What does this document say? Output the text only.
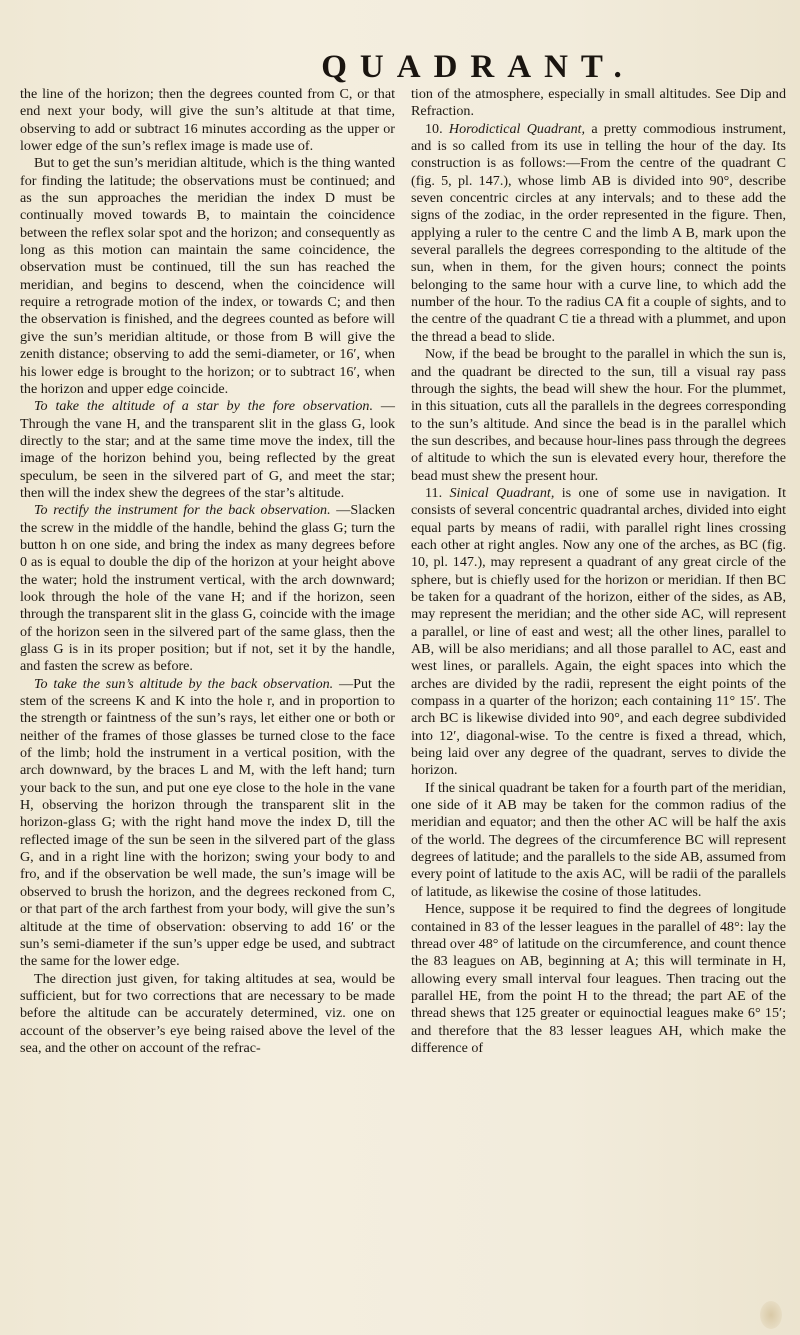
QUADRANT.

the line of the horizon; then the degrees counted from C, or that end next your body, will give the sun’s altitude at that time, observing to add or subtract 16 minutes according as the upper or lower edge of the sun’s reflex image is made use of.

But to get the sun’s meridian altitude, which is the thing wanted for finding the latitude; the observations must be continued; and as the sun approaches the meridian the index D must be continually moved towards B, to maintain the coincidence between the reflex solar spot and the horizon; and consequently as long as this motion can maintain the same coincidence, the observation must be continued, till the sun has reached the meridian, and begins to descend, when the coincidence will require a retrograde motion of the index, or towards C; and then the observation is finished, and the degrees counted as before will give the sun’s meridian altitude, or those from B will give the zenith distance; observing to add the semi-diameter, or 16′, when his lower edge is brought to the horizon; or to subtract 16′, when the horizon and upper edge coincide.

To take the altitude of a star by the fore observation. —Through the vane H, and the transparent slit in the glass G, look directly to the star; and at the same time move the index, till the image of the horizon behind you, being reflected by the great speculum, be seen in the silvered part of G, and meet the star; then will the index shew the degrees of the star’s altitude.

To rectify the instrument for the back observation. —Slacken the screw in the middle of the handle, behind the glass G; turn the button h on one side, and bring the index as many degrees before 0 as is equal to double the dip of the horizon at your height above the water; hold the instrument vertical, with the arch downward; look through the hole of the vane H; and if the horizon, seen through the transparent slit in the glass G, coincide with the image of the horizon seen in the silvered part of the same glass, then the glass G is in its proper position; but if not, set it by the handle, and fasten the screw as before.

To take the sun’s altitude by the back observation. —Put the stem of the screens K and K into the hole r, and in proportion to the strength or faintness of the sun’s rays, let either one or both or neither of the frames of those glasses be turned close to the face of the limb; hold the instrument in a vertical position, with the arch downward, by the braces L and M, with the left hand; turn your back to the sun, and put one eye close to the hole in the vane H, observing the horizon through the transparent slit in the horizon-glass G; with the right hand move the index D, till the reflected image of the sun be seen in the silvered part of the glass G, and in a right line with the horizon; swing your body to and fro, and if the observation be well made, the sun’s image will be observed to brush the horizon, and the degrees reckoned from C, or that part of the arch farthest from your body, will give the sun’s altitude at the time of observation: observing to add 16′ or the sun’s semi-diameter if the sun’s upper edge be used, and subtract the same for the lower edge.

The direction just given, for taking altitudes at sea, would be sufficient, but for two corrections that are necessary to be made before the altitude can be accurately determined, viz. one on account of the observer’s eye being raised above the level of the sea, and the other on account of the refrac-

tion of the atmosphere, especially in small altitudes. See Dip and Refraction.

10. Horodictical Quadrant, a pretty commodious instrument, and is so called from its use in telling the hour of the day. Its construction is as follows:—From the centre of the quadrant C (fig. 5, pl. 147.), whose limb AB is divided into 90°, describe seven concentric circles at any intervals; and to these add the signs of the zodiac, in the order represented in the figure. Then, applying a ruler to the centre C and the limb A B, mark upon the several parallels the degrees corresponding to the altitude of the sun, when in them, for the given hours; connect the points belonging to the same hour with a curve line, to which add the number of the hour. To the radius CA fit a couple of sights, and to the centre of the quadrant C tie a thread with a plummet, and upon the thread a bead to slide.

Now, if the bead be brought to the parallel in which the sun is, and the quadrant be directed to the sun, till a visual ray pass through the sights, the bead will shew the hour. For the plummet, in this situation, cuts all the parallels in the degrees corresponding to the sun’s altitude. And since the bead is in the parallel which the sun describes, and because hour-lines pass through the degrees of altitude to which the sun is elevated every hour, therefore the bead must shew the present hour.

11. Sinical Quadrant, is one of some use in navigation. It consists of several concentric quadrantal arches, divided into eight equal parts by means of radii, with parallel right lines crossing each other at right angles. Now any one of the arches, as BC (fig. 10, pl. 147.), may represent a quadrant of any great circle of the sphere, but is chiefly used for the horizon or meridian. If then BC be taken for a quadrant of the horizon, either of the sides, as AB, may represent the meridian; and the other side AC, will represent a parallel, or line of east and west; all the other lines, parallel to AB, will be also meridians; and all those parallel to AC, east and west lines, or parallels. Again, the eight spaces into which the arches are divided by the radii, represent the eight points of the compass in a quarter of the horizon; each containing 11° 15′. The arch BC is likewise divided into 90°, and each degree subdivided into 12′, diagonal-wise. To the centre is fixed a thread, which, being laid over any degree of the quadrant, serves to divide the horizon.

If the sinical quadrant be taken for a fourth part of the meridian, one side of it AB may be taken for the common radius of the meridian and equator; and then the other AC will be half the axis of the world. The degrees of the circumference BC will represent degrees of latitude; and the parallels to the side AB, assumed from every point of latitude to the axis AC, will be radii of the parallels of latitude, as likewise the cosine of those latitudes.

Hence, suppose it be required to find the degrees of longitude contained in 83 of the lesser leagues in the parallel of 48°: lay the thread over 48° of latitude on the circumference, and count thence the 83 leagues on AB, beginning at A; this will terminate in H, allowing every small interval four leagues. Then tracing out the parallel HE, from the point H to the thread; the part AE of the thread shews that 125 greater or equinoctial leagues make 6° 15′; and therefore that the 83 lesser leagues AH, which make the difference of
